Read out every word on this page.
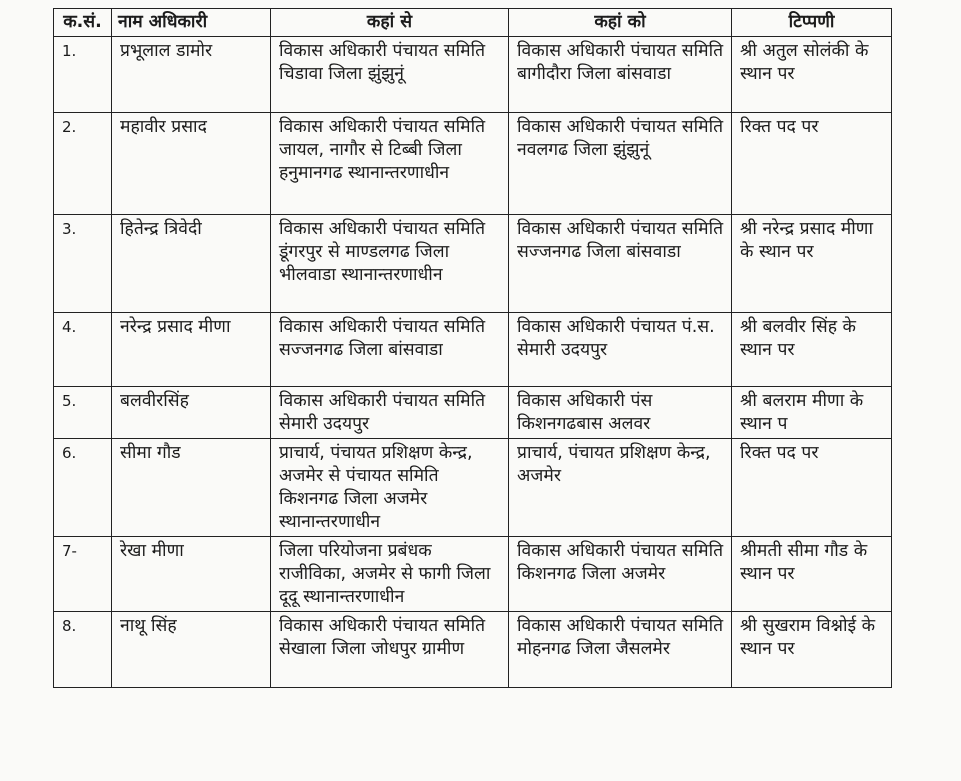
क.सं.	नाम अधिकारी	कहां से	कहां को	टिप्पणी
1.	प्रभूलाल डामोर	विकास अधिकारी पंचायत समिति चिडावा जिला झुंझुनूं	विकास अधिकारी पंचायत समिति बागीदौरा जिला बांसवाडा	श्री अतुल सोलंकी के स्थान पर
2.	महावीर प्रसाद	विकास अधिकारी पंचायत समिति जायल, नागौर से टिब्बी जिला हनुमानगढ स्थानान्तरणाधीन	विकास अधिकारी पंचायत समिति नवलगढ जिला झुंझुनूं	रिक्त पद पर
3.	हितेन्द्र त्रिवेदी	विकास अधिकारी पंचायत समिति डूंगरपुर से माण्डलगढ जिला भीलवाडा स्थानान्तरणाधीन	विकास अधिकारी पंचायत समिति सज्जनगढ जिला बांसवाडा	श्री नरेन्द्र प्रसाद मीणा के स्थान पर
4.	नरेन्द्र प्रसाद मीणा	विकास अधिकारी पंचायत समिति सज्जनगढ जिला बांसवाडा	विकास अधिकारी पंचायत पं.स. सेमारी उदयपुर	श्री बलवीर सिंह के स्थान पर
5.	बलवीरसिंह	विकास अधिकारी पंचायत समिति सेमारी उदयपुर	विकास अधिकारी पंस किशनगढबास अलवर	श्री बलराम मीणा के स्थान प
6.	सीमा गौड	प्राचार्य, पंचायत प्रशिक्षण केन्द्र, अजमेर से पंचायत समिति किशनगढ जिला अजमेर स्थानान्तरणाधीन	प्राचार्य, पंचायत प्रशिक्षण केन्द्र, अजमेर	रिक्त पद पर
7-	रेखा मीणा	जिला परियोजना प्रबंधक राजीविका, अजमेर से फागी जिला दूदू स्थानान्तरणाधीन	विकास अधिकारी पंचायत समिति किशनगढ जिला अजमेर	श्रीमती सीमा गौड के स्थान पर
8.	नाथू सिंह	विकास अधिकारी पंचायत समिति सेखाला जिला जोधपुर ग्रामीण	विकास अधिकारी पंचायत समिति मोहनगढ जिला जैसलमेर	श्री सुखराम विश्नोई के स्थान पर
